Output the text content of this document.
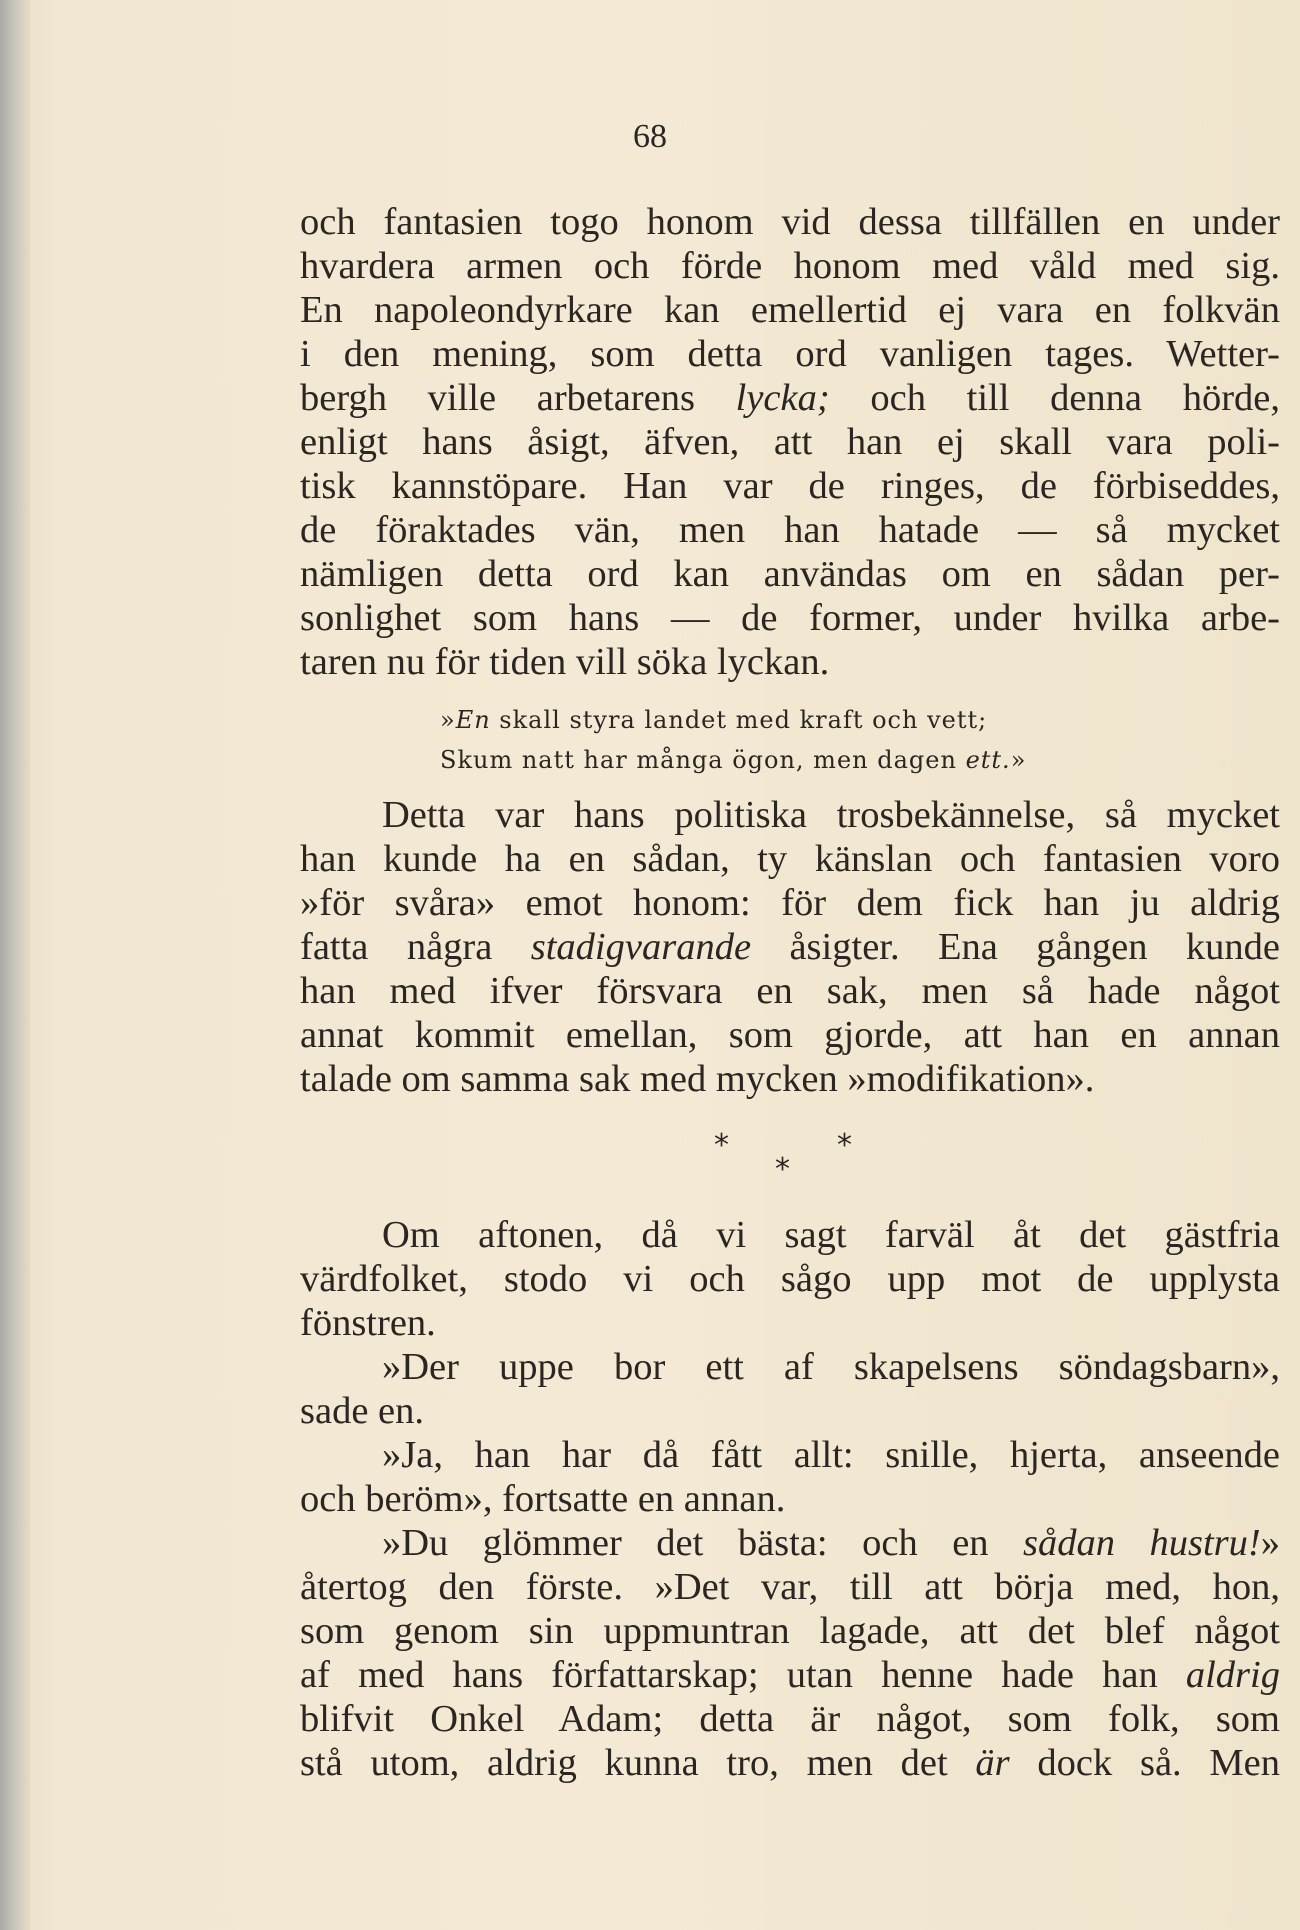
68
och fantasien togo honom vid dessa tillfällen en under
hvardera armen och förde honom med våld med sig.
En napoleondyrkare kan emellertid ej vara en folkvän
i den mening, som detta ord vanligen tages. Wetter-
bergh ville arbetarens lycka; och till denna hörde,
enligt hans åsigt, äfven, att han ej skall vara poli-
tisk kannstöpare. Han var de ringes, de förbiseddes,
de föraktades vän, men han hatade — så mycket
nämligen detta ord kan användas om en sådan per-
sonlighet som hans — de former, under hvilka arbe-
taren nu för tiden vill söka lyckan.
»En skall styra landet med kraft och vett;
Skum natt har många ögon, men dagen ett.»
Detta var hans politiska trosbekännelse, så mycket
han kunde ha en sådan, ty känslan och fantasien voro
»för svåra» emot honom: för dem fick han ju aldrig
fatta några stadigvarande åsigter. Ena gången kunde
han med ifver försvara en sak, men så hade något
annat kommit emellan, som gjorde, att han en annan
talade om samma sak med mycken »modifikation».
*	*
*
Om aftonen, då vi sagt farväl åt det gästfria
värdfolket, stodo vi och sågo upp mot de upplysta
fönstren.
»Der uppe bor ett af skapelsens söndagsbarn»,
sade en.
»Ja, han har då fått allt: snille, hjerta, anseende
och beröm», fortsatte en annan.
»Du glömmer det bästa: och en sådan hustru!»
återtog den förste. »Det var, till att börja med, hon,
som genom sin uppmuntran lagade, att det blef något
af med hans författarskap; utan henne hade han aldrig
blifvit Onkel Adam; detta är något, som folk, som
stå utom, aldrig kunna tro, men det är dock så. Men
